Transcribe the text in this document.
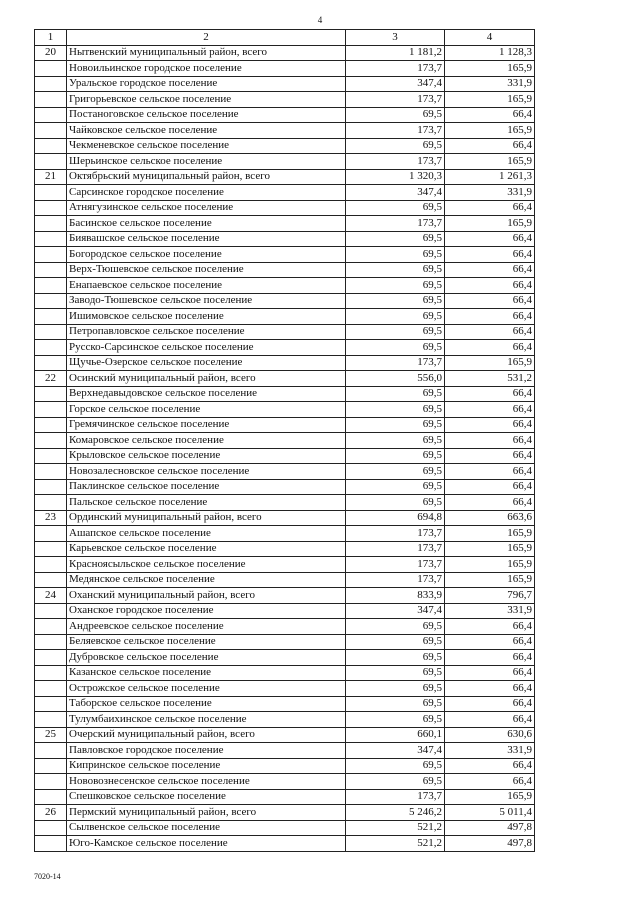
4
1	2	3	4
20	Нытвенский муниципальный район, всего	1 181,2	1 128,3
	Новоильинское городское поселение	173,7	165,9
	Уральское городское поселение	347,4	331,9
	Григорьевское сельское поселение	173,7	165,9
	Постаноговское сельское поселение	69,5	66,4
	Чайковское сельское поселение	173,7	165,9
	Чекменевское сельское поселение	69,5	66,4
	Шерьинское сельское поселение	173,7	165,9
21	Октябрьский муниципальный район, всего	1 320,3	1 261,3
	Сарсинское городское поселение	347,4	331,9
	Атнягузинское сельское поселение	69,5	66,4
	Басинское сельское поселение	173,7	165,9
	Бияваш​ское сельское поселение	69,5	66,4
	Богородское сельское поселение	69,5	66,4
	Верх-Тюшевское сельское поселение	69,5	66,4
	Енапаевское сельское поселение	69,5	66,4
	Заводо-Тюшевское сельское поселение	69,5	66,4
	Ишимовское сельское поселение	69,5	66,4
	Петропавловское сельское поселение	69,5	66,4
	Русско-Сарсинское сельское поселение	69,5	66,4
	Щучье-Озерское сельское поселение	173,7	165,9
22	Осинский муниципальный район, всего	556,0	531,2
	Верхнедавыдовское сельское поселение	69,5	66,4
	Горское сельское поселение	69,5	66,4
	Гремячинское сельское поселение	69,5	66,4
	Комаровское сельское поселение	69,5	66,4
	Крыловское сельское поселение	69,5	66,4
	Новозалесновское сельское поселение	69,5	66,4
	Паклинское сельское поселение	69,5	66,4
	Пальское сельское поселение	69,5	66,4
23	Ординский муниципальный район, всего	694,8	663,6
	Ашапское сельское поселение	173,7	165,9
	Карьевское сельское поселение	173,7	165,9
	Красноясыльское сельское поселение	173,7	165,9
	Медянское сельское поселение	173,7	165,9
24	Оханский муниципальный район, всего	833,9	796,7
	Оханское городское поселение	347,4	331,9
	Андреевское сельское поселение	69,5	66,4
	Беляевское сельское поселение	69,5	66,4
	Дубровское сельское поселение	69,5	66,4
	Казанское сельское поселение	69,5	66,4
	Острожское сельское поселение	69,5	66,4
	Таборское сельское поселение	69,5	66,4
	Тулумбаихинское сельское поселение	69,5	66,4
25	Очерский муниципальный район, всего	660,1	630,6
	Павловское городское поселение	347,4	331,9
	Киприн​ское сельское поселение	69,5	66,4
	Нововознесенское сельское поселение	69,5	66,4
	Спешковское сельское поселение	173,7	165,9
26	Пермский муниципальный район, всего	5 246,2	5 011,4
	Сылвенское сельское поселение	521,2	497,8
	Юго-Камское сельское поселение	521,2	497,8
7020-14
